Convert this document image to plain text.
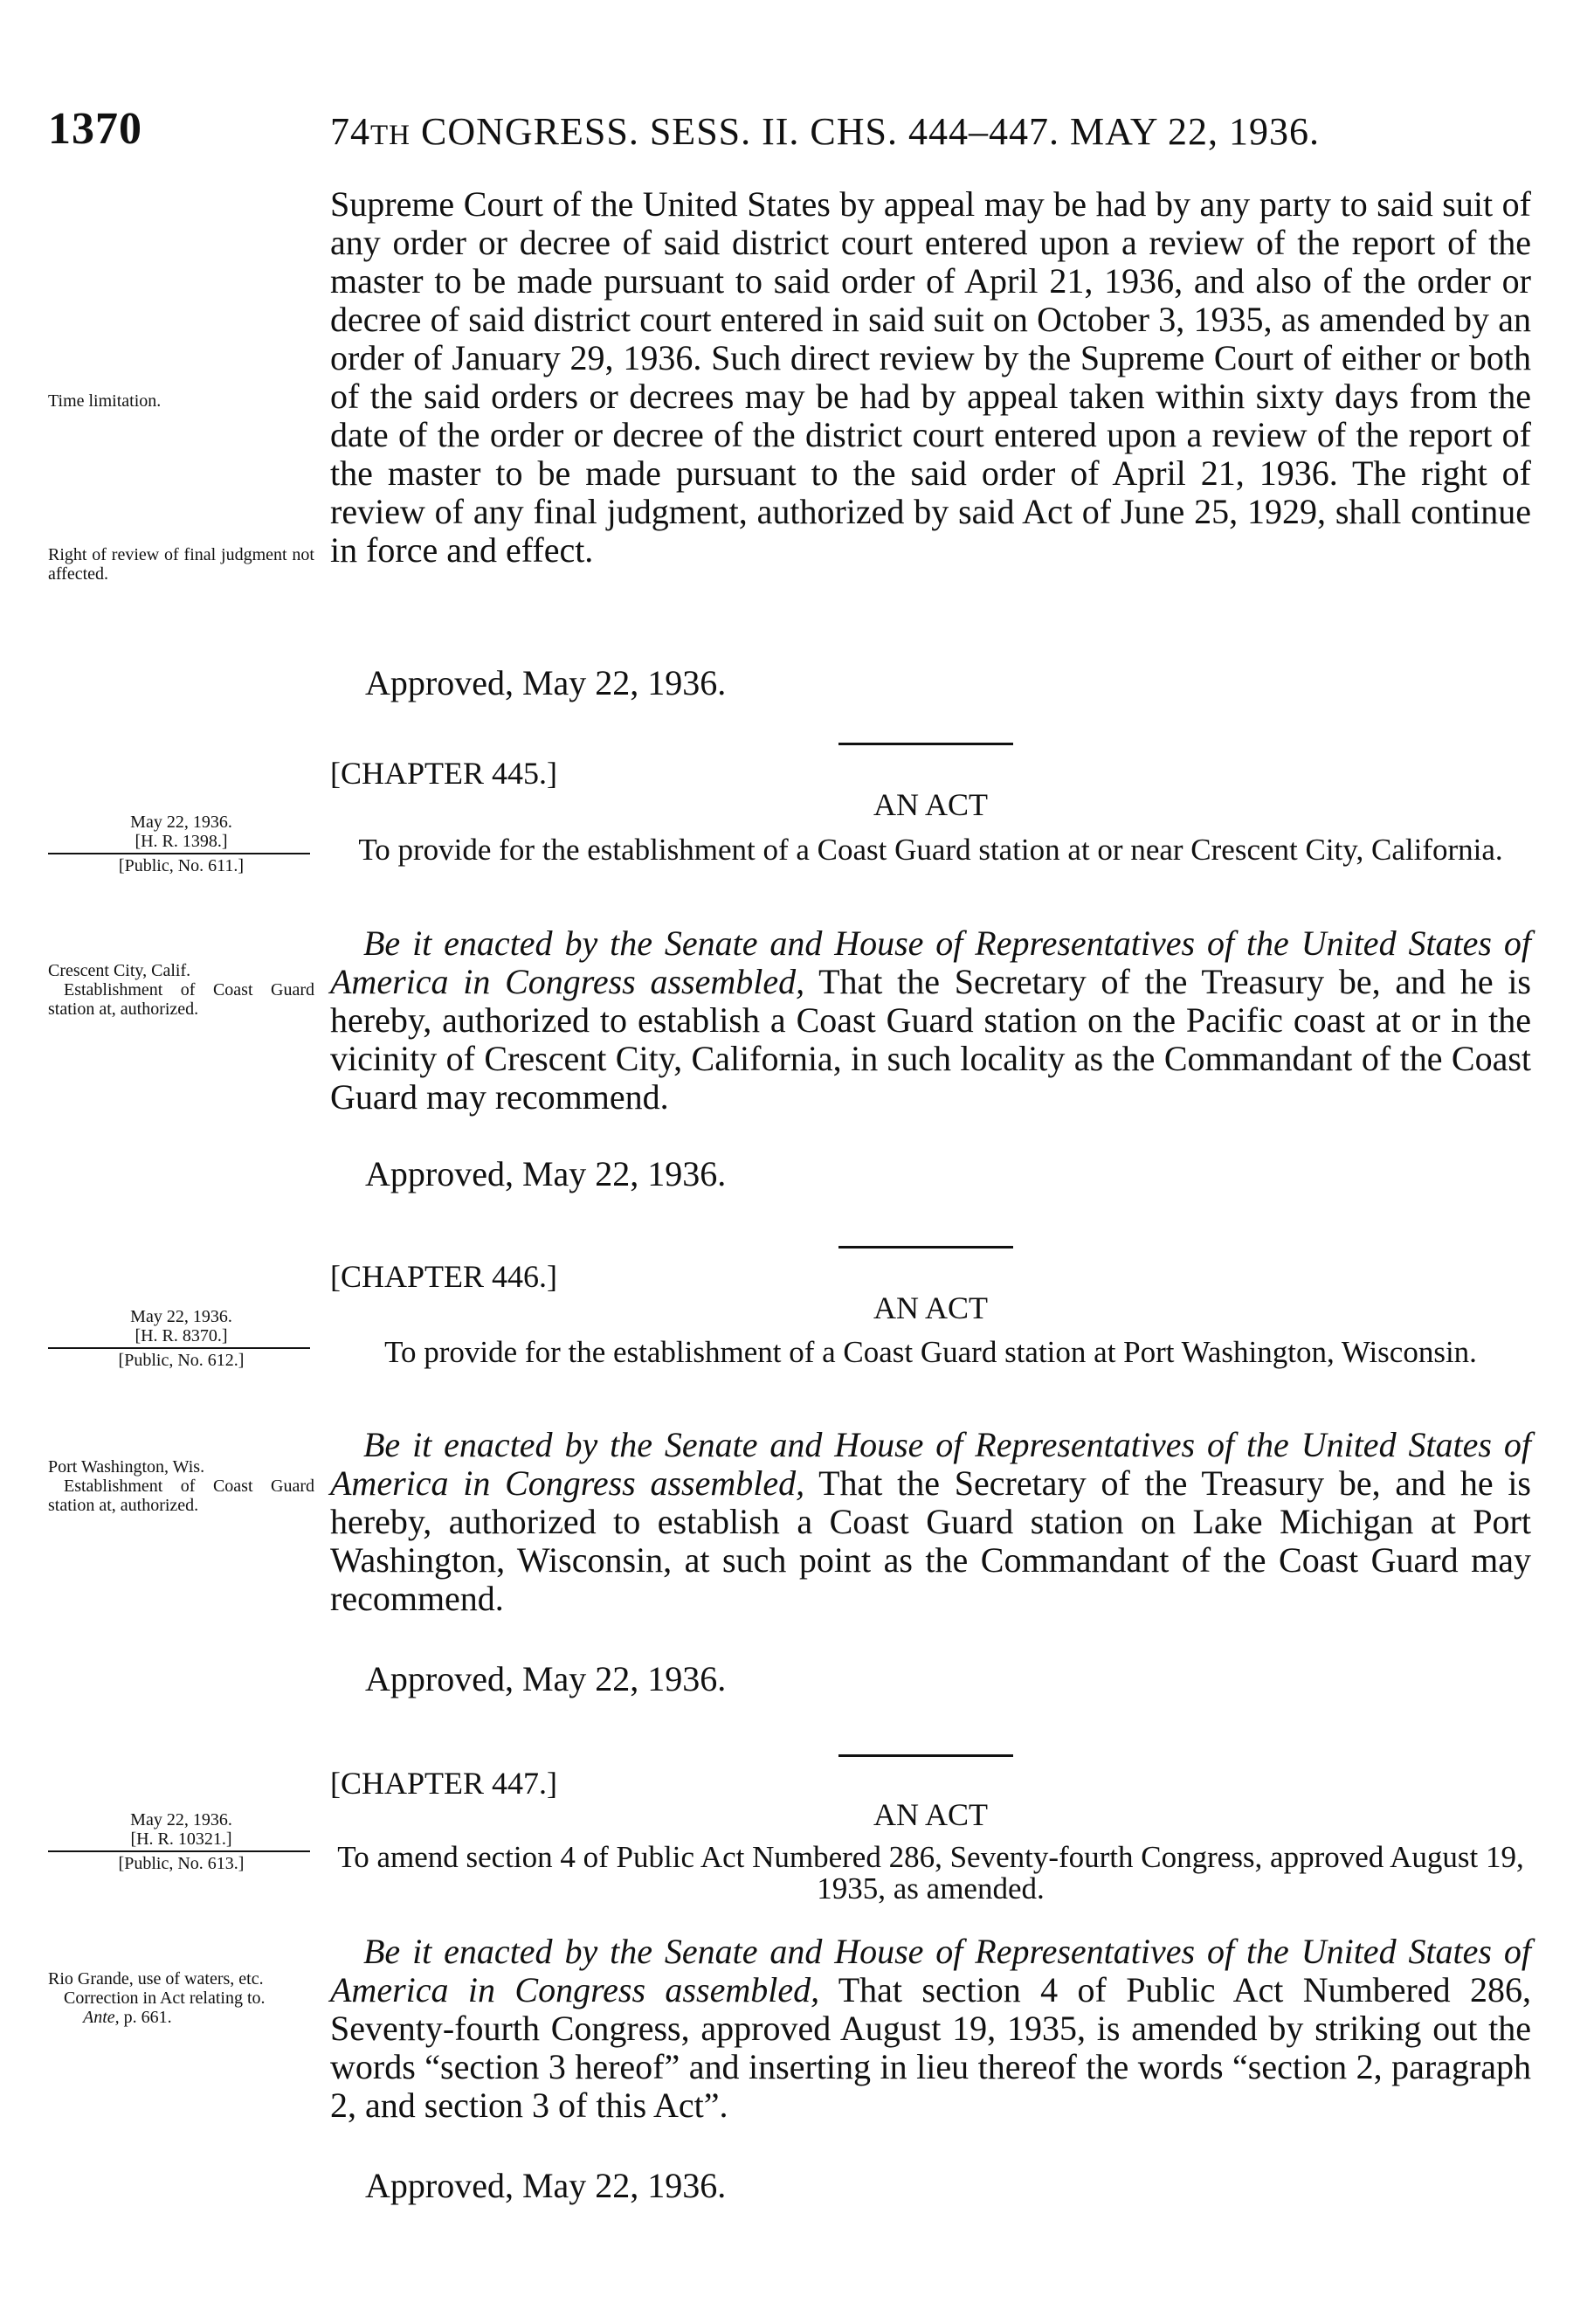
1370	74TH CONGRESS. SESS. II. CHS. 444–447. MAY 22, 1936.

Supreme Court of the United States by appeal may be had by any party to said suit of any order or decree of said district court entered upon a review of the report of the master to be made pursuant to said order of April 21, 1936, and also of the order or decree of said district court entered in said suit on October 3, 1935, as amended by an order of January 29, 1936. Such direct review by the Supreme Court of either or both of the said orders or decrees may be had by appeal taken within sixty days from the date of the order or decree of the district court entered upon a review of the report of the master to be made pursuant to the said order of April 21, 1936. The right of review of any final judgment, authorized by said Act of June 25, 1929, shall continue in force and effect.

Approved, May 22, 1936.

Time limitation.

Right of review of final judgment not affected.

[CHAPTER 445.]
AN ACT
To provide for the establishment of a Coast Guard station at or near Crescent City, California.

May 22, 1936.

[H. R. 1398.]

[Public, No. 611.]

Be it enacted by the Senate and House of Representatives of the United States of America in Congress assembled, That the Secretary of the Treasury be, and he is hereby, authorized to establish a Coast Guard station on the Pacific coast at or in the vicinity of Crescent City, California, in such locality as the Commandant of the Coast Guard may recommend.

Approved, May 22, 1936.

Crescent City, Calif.

Establishment of Coast Guard station at, authorized.

[CHAPTER 446.]
AN ACT
To provide for the establishment of a Coast Guard station at Port Washington, Wisconsin.

May 22, 1936.

[H. R. 8370.]

[Public, No. 612.]

Be it enacted by the Senate and House of Representatives of the United States of America in Congress assembled, That the Secretary of the Treasury be, and he is hereby, authorized to establish a Coast Guard station on Lake Michigan at Port Washington, Wisconsin, at such point as the Commandant of the Coast Guard may recommend.

Approved, May 22, 1936.

Port Washington, Wis.

Establishment of Coast Guard station at, authorized.

[CHAPTER 447.]
AN ACT
To amend section 4 of Public Act Numbered 286, Seventy-fourth Congress, approved August 19, 1935, as amended.

May 22, 1936.

[H. R. 10321.]

[Public, No. 613.]

Be it enacted by the Senate and House of Representatives of the United States of America in Congress assembled, That section 4 of Public Act Numbered 286, Seventy-fourth Congress, approved August 19, 1935, is amended by striking out the words “section 3 hereof” and inserting in lieu thereof the words “section 2, paragraph 2, and section 3 of this Act”.

Approved, May 22, 1936.

Rio Grande, use of waters, etc.

Correction in Act relating to.

Ante, p. 661.
